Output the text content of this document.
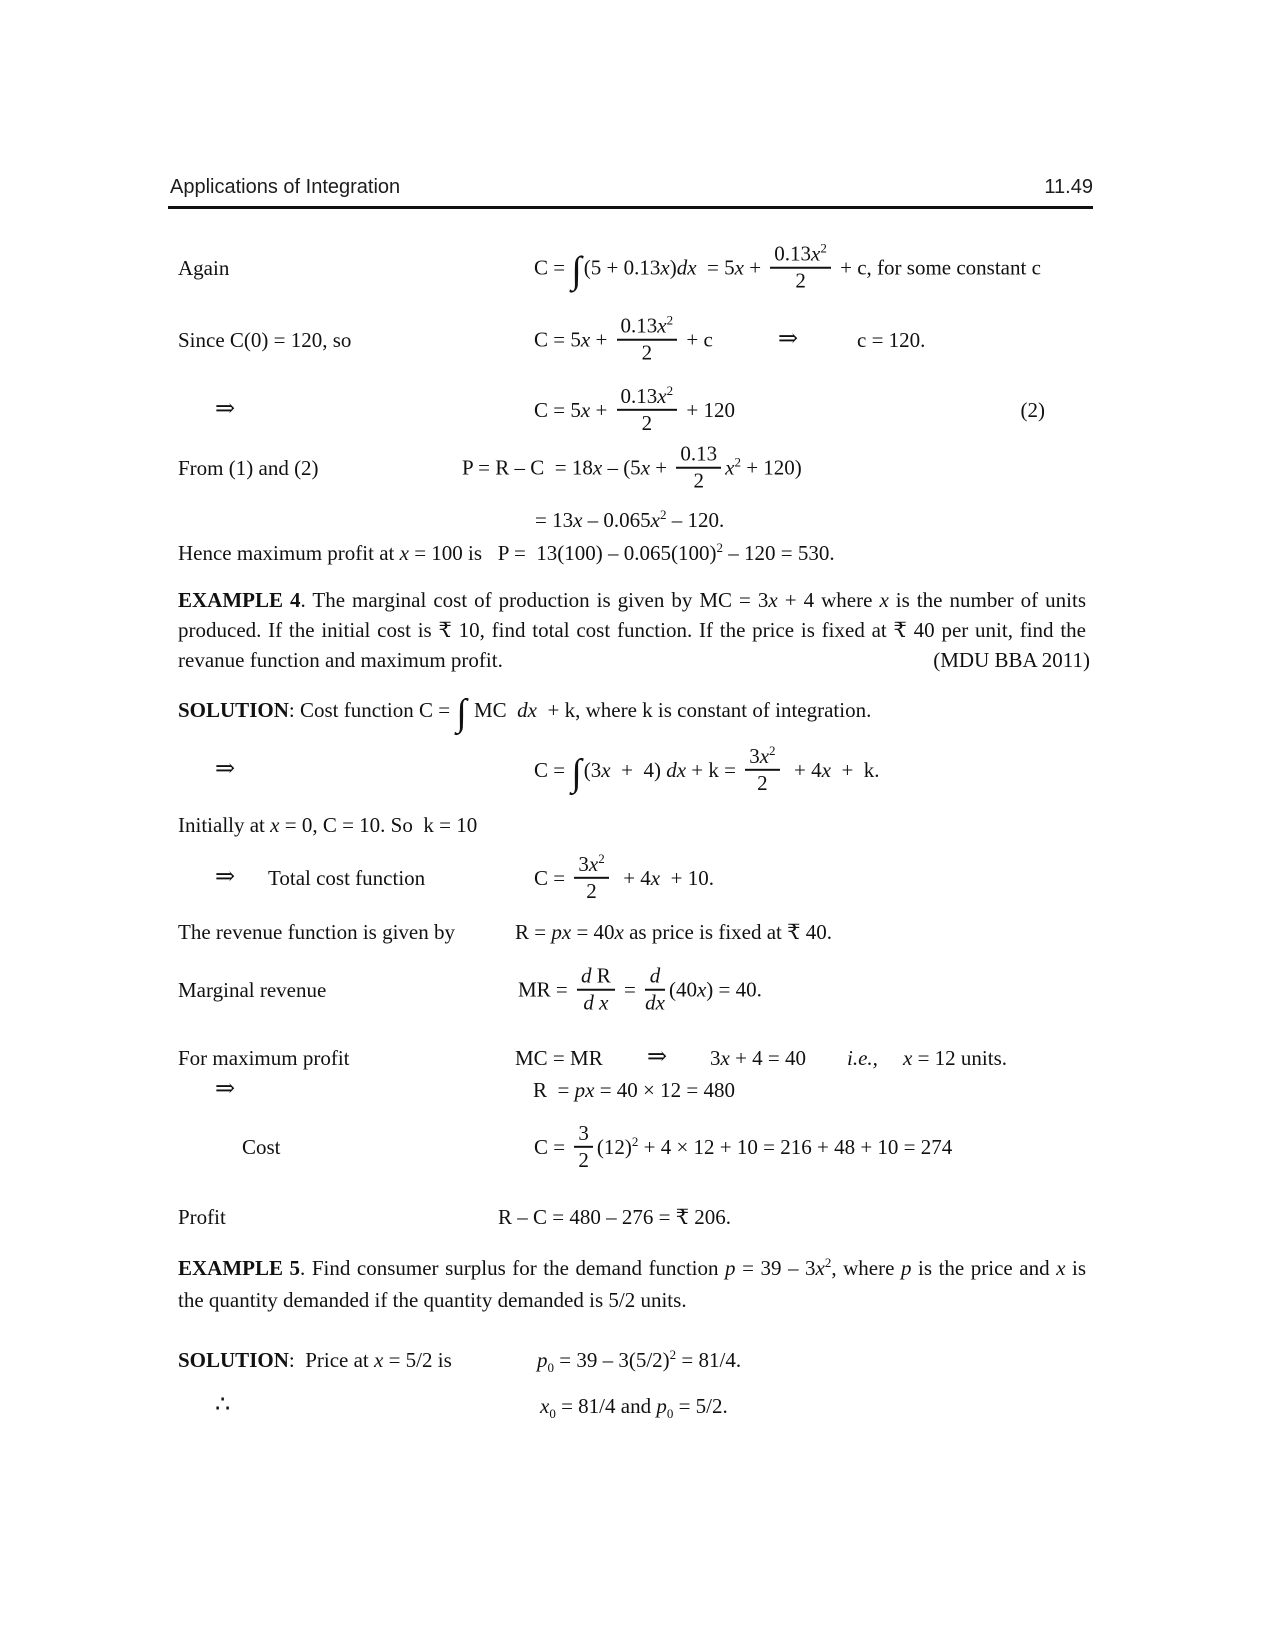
Applications of Integration	11.49
Again	C = ∫ $(5 + 0.13x)dx = 5x + \frac{0.13x^2}{2} + c$, for some constant c
Since C(0) = 120, so	$C = 5x + \frac{0.13x^2}{2} + c$	⇒	c = 120.
⇒	$C = 5x + \frac{0.13x^2}{2} + 120$	(2)
From (1) and (2)	$P = R - C = 18x - (5x + \frac{0.13}{2} x^2 + 120)$
= $13x - 0.065x^2 - 120$.
Hence maximum profit at x = 100 is   $P = 13(100) - 0.065(100)^2 - 120 = 530$.

EXAMPLE 4. The marginal cost of production is given by MC = 3x + 4 where x is the number of units produced. If the initial cost is ₹ 10, find total cost function. If the price is fixed at ₹ 40 per unit, find the revanue function and maximum profit.	(MDU BBA 2011)
SOLUTION : Cost function C = ∫ MC  dx  + k, where k is constant of integration.
⇒	C = ∫ (3x  +  4) dx + $k = \frac{3x^2}{2} + 4x + k$.
Initially at x = 0, C = 10. So  k = 10
⇒ Total cost function	$C = \frac{3x^2}{2} + 4x + 10$.
The revenue function is given by	R = px = 40x as price is fixed at ₹ 40.
Marginal revenue	MR = $\frac{\text{d R}}{\text{d x}} = \frac{d}{dx} (40x) = 40$.
For maximum profit	MC = MR ⇒ 3x + 4 = 40 i.e., x = 12 units.
⇒	R  = px = 40 × 12 = 480
Cost	$C = \frac{3}{2} (12)^2 + 4 \times 12 + 10 = 216 + 48 + 10 = 274$
Profit	R – C = 480 – 276 = ₹ 206.

EXAMPLE 5. Find consumer surplus for the demand function $p = 39 - 3x^2$, where p is the price and x is the quantity demanded if the quantity demanded is 5/2 units.

SOLUTION :  Price at x = 5/2 is	$p_0 = 39 - 3(5/2)^2 = 81/4$.
∴	$x_0 = 81/4$ and $p_0 = 5/2$.
